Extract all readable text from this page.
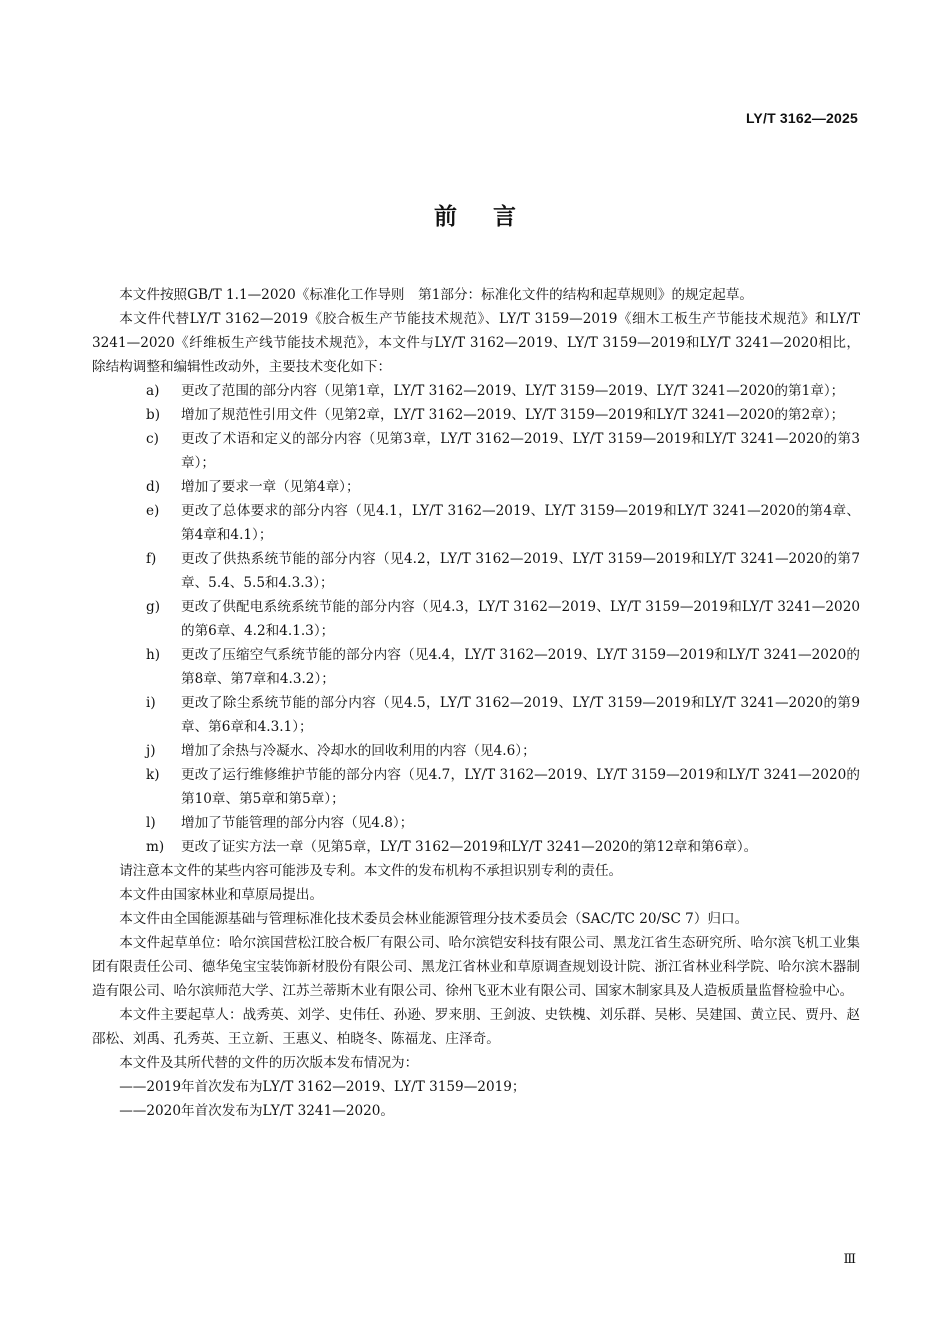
LY/T 3162—2025
前言

本文件按照GB/T 1.1—2020《标准化工作导则　第1部分：标准化文件的结构和起草规则》的规定起草。

本文件代替LY/T 3162—2019《胶合板生产节能技术规范》、LY/T 3159—2019《细木工板生产节能技术规范》和LY/T 3241—2020《纤维板生产线节能技术规范》，本文件与LY/T 3162—2019、LY/T 3159—2019和LY/T 3241—2020相比，除结构调整和编辑性改动外，主要技术变化如下：

a)	更改了范围的部分内容（见第1章，LY/T 3162—2019、LY/T 3159—2019、LY/T 3241—2020的第1章）；
b)	增加了规范性引用文件（见第2章，LY/T 3162—2019、LY/T 3159—2019和LY/T 3241—2020的第2章）；
c)	更改了术语和定义的部分内容（见第3章，LY/T 3162—2019、LY/T 3159—2019和LY/T 3241—2020的第3章）；
d)	增加了要求一章（见第4章）；
e)	更改了总体要求的部分内容（见4.1，LY/T 3162—2019、LY/T 3159—2019和LY/T 3241—2020的第4章、第4章和4.1）；
f)	更改了供热系统节能的部分内容（见4.2，LY/T 3162—2019、LY/T 3159—2019和LY/T 3241—2020的第7章、5.4、5.5和4.3.3）；
g)	更改了供配电系统系统节能的部分内容（见4.3，LY/T 3162—2019、LY/T 3159—2019和LY/T 3241—2020的第6章、4.2和4.1.3）；
h)	更改了压缩空气系统节能的部分内容（见4.4，LY/T 3162—2019、LY/T 3159—2019和LY/T 3241—2020的第8章、第7章和4.3.2）；
i)	更改了除尘系统节能的部分内容（见4.5，LY/T 3162—2019、LY/T 3159—2019和LY/T 3241—2020的第9章、第6章和4.3.1）；
j)	增加了余热与冷凝水、冷却水的回收利用的内容（见4.6）；
k)	更改了运行维修维护节能的部分内容（见4.7，LY/T 3162—2019、LY/T 3159—2019和LY/T 3241—2020的第10章、第5章和第5章）；
l)	增加了节能管理的部分内容（见4.8）；
m)	更改了证实方法一章（见第5章，LY/T 3162—2019和LY/T 3241—2020的第12章和第6章）。

请注意本文件的某些内容可能涉及专利。本文件的发布机构不承担识别专利的责任。

本文件由国家林业和草原局提出。

本文件由全国能源基础与管理标准化技术委员会林业能源管理分技术委员会（SAC/TC 20/SC 7）归口。

本文件起草单位：哈尔滨国营松江胶合板厂有限公司、哈尔滨铠安科技有限公司、黑龙江省生态研究所、哈尔滨飞机工业集团有限责任公司、德华兔宝宝装饰新材股份有限公司、黑龙江省林业和草原调查规划设计院、浙江省林业科学院、哈尔滨木器制造有限公司、哈尔滨师范大学、江苏兰蒂斯木业有限公司、徐州飞亚木业有限公司、国家木制家具及人造板质量监督检验中心。

本文件主要起草人：战秀英、刘学、史伟任、孙逊、罗来朋、王剑波、史铁槐、刘乐群、吴彬、吴建国、黄立民、贾丹、赵邵松、刘禹、孔秀英、王立新、王惠义、柏晓冬、陈福龙、庄泽奇。

本文件及其所代替的文件的历次版本发布情况为：

——2019年首次发布为LY/T 3162—2019、LY/T 3159—2019；

——2020年首次发布为LY/T 3241—2020。

Ⅲ
